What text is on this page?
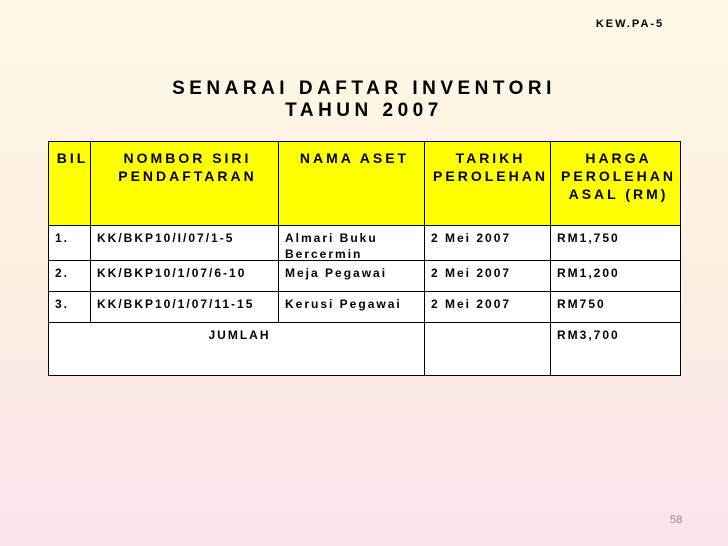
KEW.PA-5
SENARAI DAFTAR INVENTORI
TAHUN 2007
BIL	NOMBOR SIRI PENDAFTARAN	NAMA ASET	TARIKH PEROLEHAN	HARGA PEROLEHAN ASAL (RM)

1.	KK/BKP10/I/07/1-5	Almari Buku Bercermin	2 Mei 2007	RM1,750

2.	KK/BKP10/1/07/6-10	Meja Pegawai	2 Mei 2007	RM1,200

3.	KK/BKP10/1/07/11-15	Kerusi Pegawai	2 Mei 2007	RM750

JUMLAH				RM3,700
58
